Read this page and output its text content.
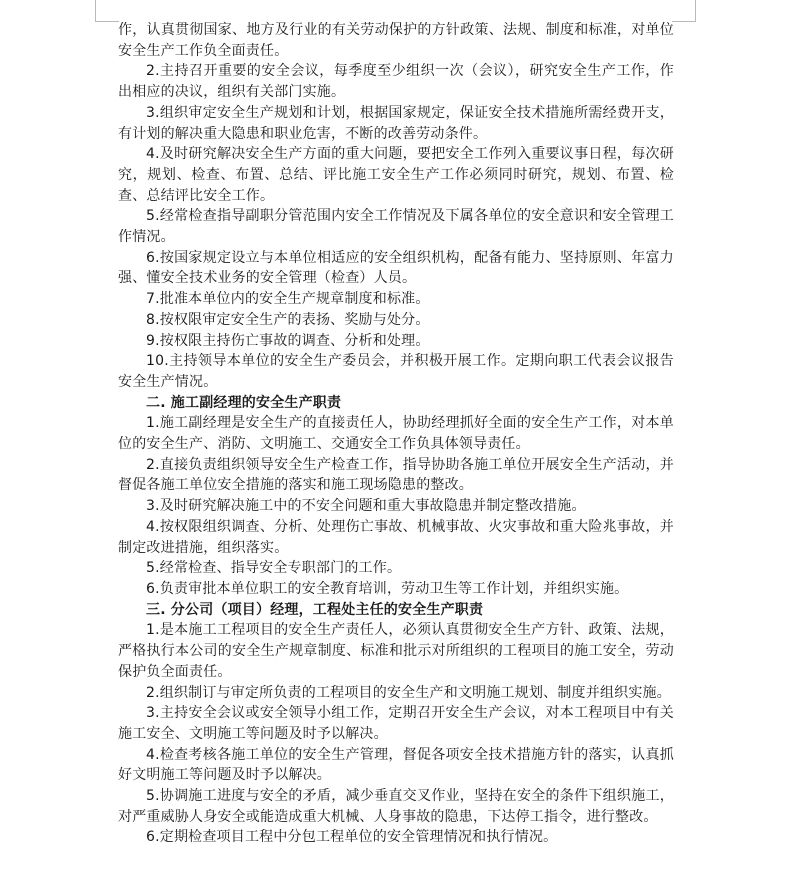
作，认真贯彻国家、地方及行业的有关劳动保护的方针政策、法规、制度和标准，对单位安全生产工作负全面责任。

2.主持召开重要的安全会议，每季度至少组织一次（会议），研究安全生产工作，作出相应的决议，组织有关部门实施。

3.组织审定安全生产规划和计划，根据国家规定，保证安全技术措施所需经费开支，有计划的解决重大隐患和职业危害，不断的改善劳动条件。

4.及时研究解决安全生产方面的重大问题，要把安全工作列入重要议事日程，每次研究，规划、检查、布置、总结、评比施工安全生产工作必须同时研究，规划、布置、检查、总结评比安全工作。

5.经常检查指导副职分管范围内安全工作情况及下属各单位的安全意识和安全管理工作情况。

6.按国家规定设立与本单位相适应的安全组织机构，配备有能力、坚持原则、年富力强、懂安全技术业务的安全管理（检查）人员。

7.批准本单位内的安全生产规章制度和标准。

8.按权限审定安全生产的表扬、奖励与处分。

9.按权限主持伤亡事故的调查、分析和处理。

10.主持领导本单位的安全生产委员会，并积极开展工作。定期向职工代表会议报告安全生产情况。

二. 施工副经理的安全生产职责

1.施工副经理是安全生产的直接责任人，协助经理抓好全面的安全生产工作，对本单位的安全生产、消防、文明施工、交通安全工作负具体领导责任。

2.直接负责组织领导安全生产检查工作，指导协助各施工单位开展安全生产活动，并督促各施工单位安全措施的落实和施工现场隐患的整改。

3.及时研究解决施工中的不安全问题和重大事故隐患并制定整改措施。

4.按权限组织调查、分析、处理伤亡事故、机械事故、火灾事故和重大险兆事故，并制定改进措施，组织落实。

5.经常检查、指导安全专职部门的工作。

6.负责审批本单位职工的安全教育培训，劳动卫生等工作计划，并组织实施。

三. 分公司（项目）经理，工程处主任的安全生产职责

1.是本施工工程项目的安全生产责任人，必须认真贯彻安全生产方针、政策、法规，严格执行本公司的安全生产规章制度、标准和批示对所组织的工程项目的施工安全，劳动保护负全面责任。

2.组织制订与审定所负责的工程项目的安全生产和文明施工规划、制度并组织实施。

3.主持安全会议或安全领导小组工作，定期召开安全生产会议，对本工程项目中有关施工安全、文明施工等问题及时予以解决。

4.检查考核各施工单位的安全生产管理，督促各项安全技术措施方针的落实，认真抓好文明施工等问题及时予以解决。

5.协调施工进度与安全的矛盾，减少垂直交叉作业，坚持在安全的条件下组织施工，对严重威胁人身安全或能造成重大机械、人身事故的隐患，下达停工指令，进行整改。

6.定期检查项目工程中分包工程单位的安全管理情况和执行情况。
